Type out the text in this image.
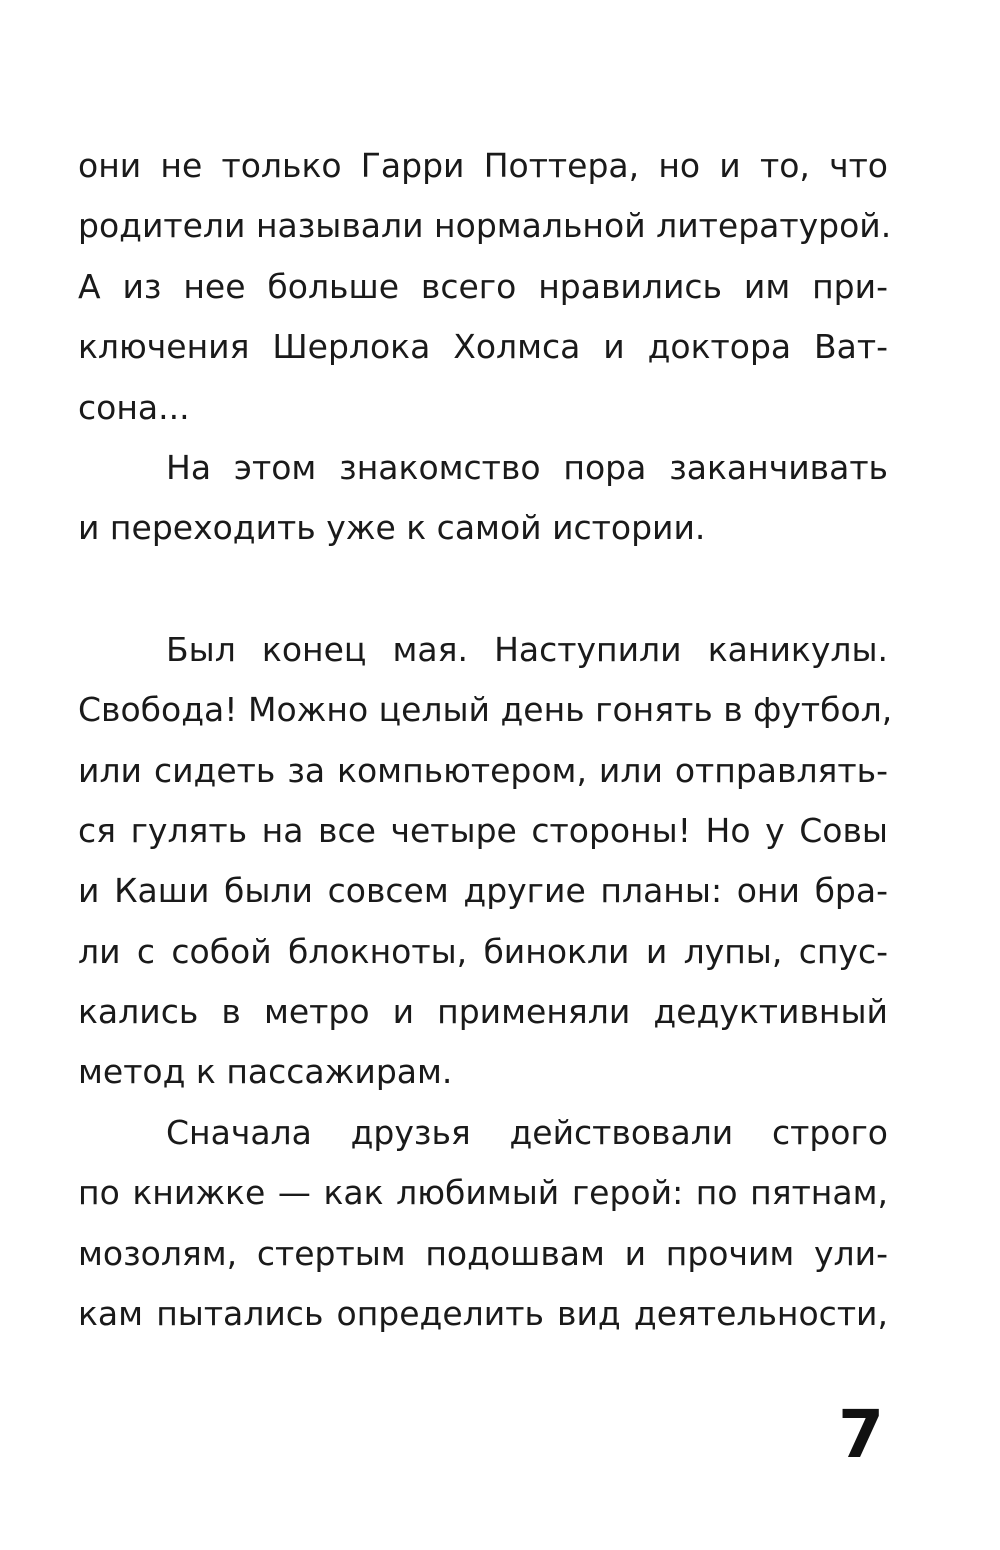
они не только Гарри Поттера, но и то, что
родители называли нормальной литературой.
А из нее больше всего нравились им при-
ключения Шерлока Холмса и доктора Ват-
сона...
На этом знакомство пора заканчивать
и переходить уже к самой истории.
Был конец мая. Наступили каникулы.
Свобода! Можно целый день гонять в футбол,
или сидеть за компьютером, или отправлять-
ся гулять на все четыре стороны! Но у Совы
и Каши были совсем другие планы: они бра-
ли с собой блокноты, бинокли и лупы, спус-
кались в метро и применяли дедуктивный
метод к пассажирам.
Сначала друзья действовали строго
по книжке — как любимый герой: по пятнам,
мозолям, стертым подошвам и прочим ули-
кам пытались определить вид деятельности,
7
